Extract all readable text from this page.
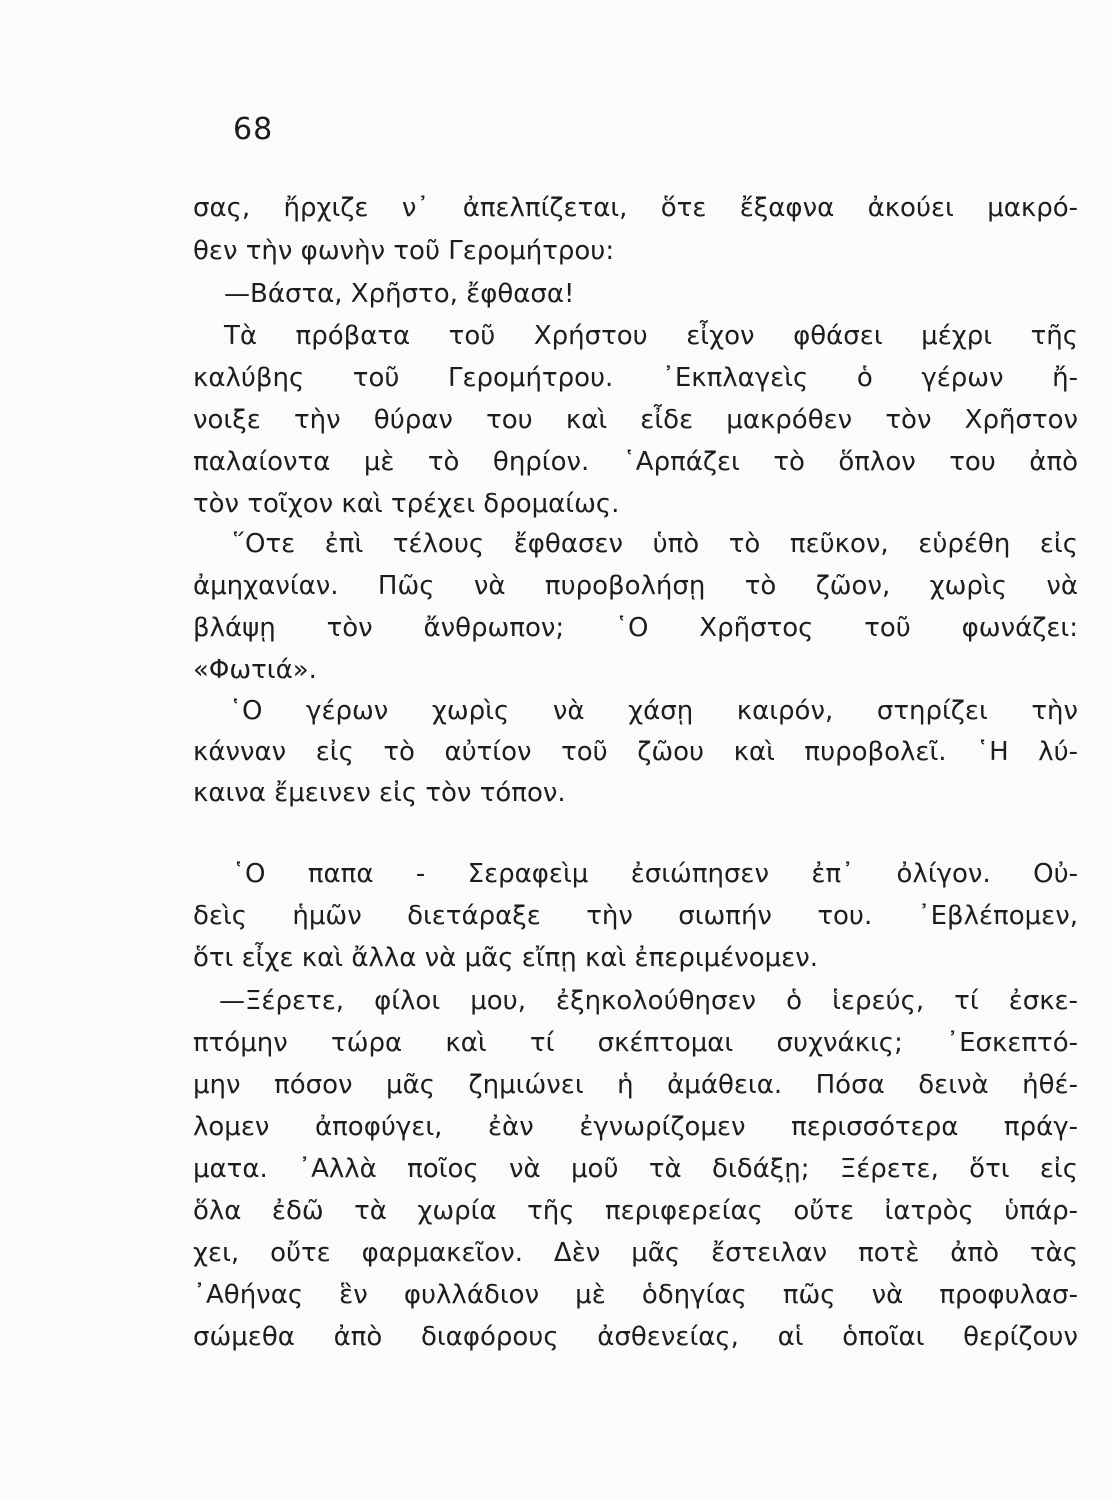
68
σας, ἤρχιζε ν᾿ ἀπελπίζεται, ὅτε ἔξαφνα ἀκούει μακρό-
θεν τὴν φωνὴν τοῦ Γερομήτρου:
—Βάστα, Χρῆστο, ἔφθασα!
Τὰ πρόβατα τοῦ Χρήστου εἶχον φθάσει μέχρι τῆς
καλύβης τοῦ Γερομήτρου. ᾿Εκπλαγεὶς ὁ γέρων ἤ-
νοιξε τὴν θύραν του καὶ εἶδε μακρόθεν τὸν Χρῆστον
παλαίοντα μὲ τὸ θηρίον. ῾Αρπάζει τὸ ὅπλον του ἀπὸ
τὸν τοῖχον καὶ τρέχει δρομαίως.
῞Οτε ἐπὶ τέλους ἔφθασεν ὑπὸ τὸ πεῦκον, εὑρέθη εἰς
ἀμηχανίαν. Πῶς νὰ πυροβολήσῃ τὸ ζῶον, χωρὶς νὰ
βλάψῃ τὸν ἄνθρωπον; ῾Ο Χρῆστος τοῦ φωνάζει:
«Φωτιά».
῾Ο γέρων χωρὶς νὰ χάσῃ καιρόν, στηρίζει τὴν
κάνναν εἰς τὸ αὐτίον τοῦ ζῶου καὶ πυροβολεῖ. ῾Η λύ-
καινα ἔμεινεν εἰς τὸν τόπον.
῾Ο παπα - Σεραφεὶμ ἐσιώπησεν ἐπ᾿ ὀλίγον. Οὐ-
δεὶς ἡμῶν διετάραξε τὴν σιωπήν του. ᾿Εβλέπομεν,
ὅτι εἶχε καὶ ἄλλα νὰ μᾶς εἴπῃ καὶ ἐπεριμένομεν.
—Ξέρετε, φίλοι μου, ἐξηκολούθησεν ὁ ἱερεύς, τί ἐσκε-
πτόμην τώρα καὶ τί σκέπτομαι συχνάκις; ᾿Εσκεπτό-
μην πόσον μᾶς ζημιώνει ἡ ἀμάθεια. Πόσα δεινὰ ἠθέ-
λομεν ἀποφύγει, ἐὰν ἐγνωρίζομεν περισσότερα πράγ-
ματα. ᾿Αλλὰ ποῖος νὰ μοῦ τὰ διδάξῃ; Ξέρετε, ὅτι εἰς
ὅλα ἐδῶ τὰ χωρία τῆς περιφερείας οὔτε ἰατρὸς ὑπάρ-
χει, οὔτε φαρμακεῖον. Δὲν μᾶς ἔστειλαν ποτὲ ἀπὸ τὰς
᾿Αθήνας ἓν φυλλάδιον μὲ ὁδηγίας πῶς νὰ προφυλασ-
σώμεθα ἀπὸ διαφόρους ἀσθενείας, αἱ ὁποῖαι θερίζουν
